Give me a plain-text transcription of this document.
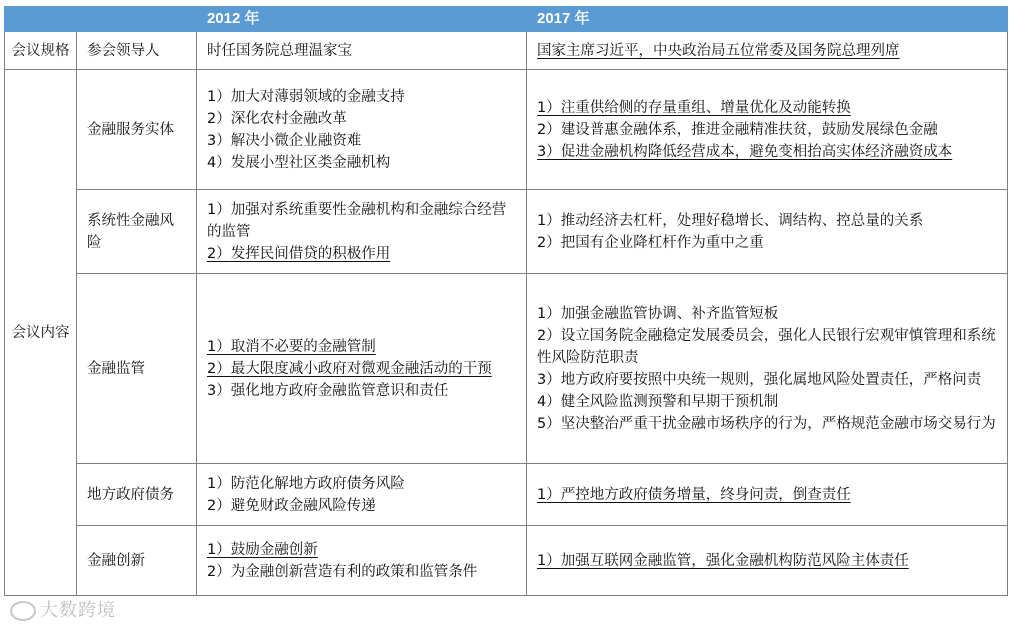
		2012 年	2017 年
会议规格	参会领导人	时任国务院总理温家宝	国家主席习近平，中央政治局五位常委及国务院总理列席

会议内容	金融服务实体	1）加大对薄弱领域的金融支持
2）深化农村金融改革
3）解决小微企业融资难
4）发展小型社区类金融机构	1）注重供给侧的存量重组、增量优化及动能转换
2）建设普惠金融体系，推进金融精准扶贫，鼓励发展绿色金融
3）促进金融机构降低经营成本，避免变相抬高实体经济融资成本

	系统性金融风险	1）加强对系统重要性金融机构和金融综合经营的监管
2）发挥民间借贷的积极作用	1）推动经济去杠杆，处理好稳增长、调结构、控总量的关系
2）把国有企业降杠杆作为重中之重

	金融监管	1）取消不必要的金融管制
2）最大限度减小政府对微观金融活动的干预
3）强化地方政府金融监管意识和责任	1）加强金融监管协调、补齐监管短板
2）设立国务院金融稳定发展委员会，强化人民银行宏观审慎管理和系统性风险防范职责
3）地方政府要按照中央统一规则，强化属地风险处置责任，严格问责
4）健全风险监测预警和早期干预机制
5）坚决整治严重干扰金融市场秩序的行为，严格规范金融市场交易行为

	地方政府债务	1）防范化解地方政府债务风险
2）避免财政金融风险传递	1）严控地方政府债务增量，终身问责，倒查责任

	金融创新	1）鼓励金融创新
2）为金融创新营造有利的政策和监管条件	1）加强互联网金融监管，强化金融机构防范风险主体责任
大数跨境
